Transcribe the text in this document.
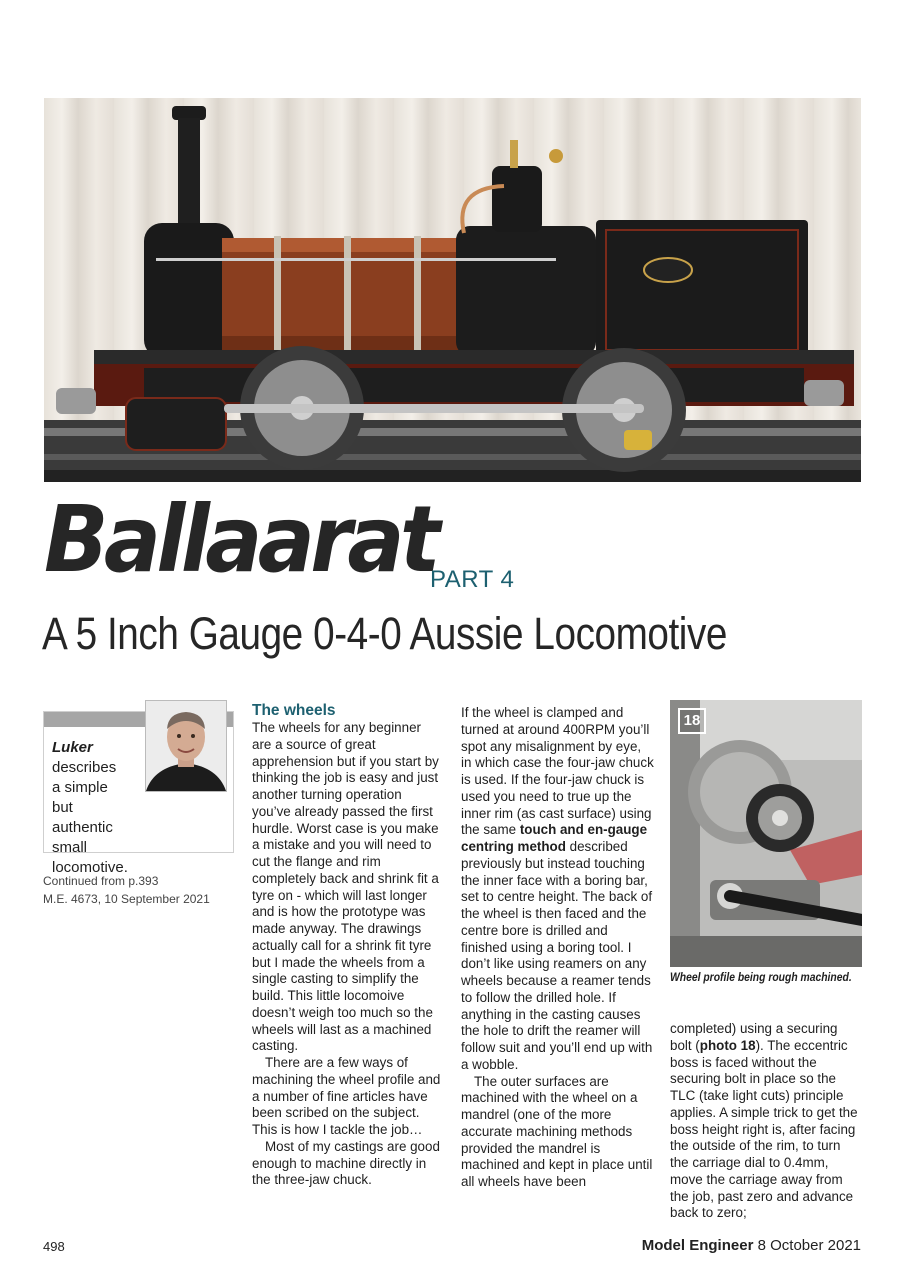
Ballaarat
PART 4
A 5 Inch Gauge 0-4-0 Aussie Locomotive
Luker
describes a simple but authentic small locomotive.
Continued from p.393
M.E. 4673, 10 September 2021
The wheels

The wheels for any beginner are a source of great apprehension but if you start by thinking the job is easy and just another turning operation you’ve already passed the first hurdle. Worst case is you make a mistake and you will need to cut the flange and rim completely back and shrink fit a tyre on - which will last longer and is how the prototype was made anyway. The drawings actually call for a shrink fit tyre but I made the wheels from a single casting to simplify the build. This little locomoive doesn’t weigh too much so the wheels will last as a machined casting.

There are a few ways of machining the wheel profile and a number of fine articles have been scribed on the subject. This is how I tackle the job…

Most of my castings are good enough to machine directly in the three-jaw chuck.

If the wheel is clamped and turned at around 400RPM you’ll spot any misalignment by eye, in which case the four-jaw chuck is used. If the four-jaw chuck is used you need to true up the inner rim (as cast surface) using the same touch and en-gauge centring method described previously but instead touching the inner face with a boring bar, set to centre height. The back of the wheel is then faced and the centre bore is drilled and finished using a boring tool. I don’t like using reamers on any wheels because a reamer tends to follow the drilled hole. If anything in the casting causes the hole to drift the reamer will follow suit and you’ll end up with a wobble.

The outer surfaces are machined with the wheel on a mandrel (one of the more accurate machining methods provided the mandrel is machined and kept in place until all wheels have been

18
Wheel profile being rough machined.

completed) using a securing bolt (photo 18). The eccentric boss is faced without the securing bolt in place so the TLC (take light cuts) principle applies. A simple trick to get the boss height right is, after facing the outside of the rim, to turn the carriage dial to 0.4mm, move the carriage away from the job, past zero and advance back to zero;

498	Model Engineer 8 October 2021
